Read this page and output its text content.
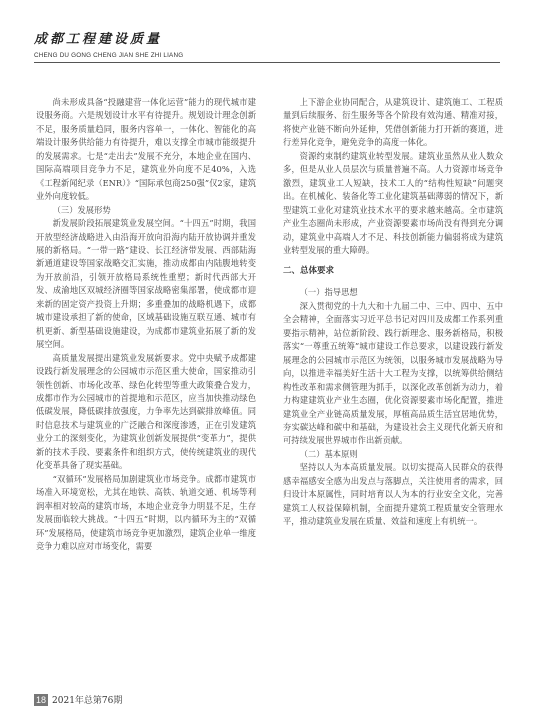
成都工程建设质量
CHENG DU GONG CHENG JIAN SHE ZHI LIANG

尚未形成具备“投融建营一体化运营”能力的现代城市建设服务商。六是规划设计水平有待提升。规划设计理念创新不足，服务质量趋同，服务内容单一，一体化、智能化的高端设计服务供给能力有待提升，难以支撑全市城市能级提升的发展需求。七是“走出去”发展不充分，本地企业在国内、国际高端项目竞争力不足，建筑业外向度不足40%，入选《工程新闻纪录（ENR）》“国际承包商250强”仅2家，建筑业外向度较低。

（三）发展形势

新发展阶段拓展建筑业发展空间。“十四五”时期，我国开放型经济战略进入由沿海开放向沿海内陆开放协调并重发展的新格局。“一带一路”建设、长江经济带发展、西部陆海新通道建设等国家战略交汇实施，推动成都由内陆腹地转变为开放前沿，引领开放格局系统性重塑；新时代西部大开发、成渝地区双城经济圈等国家战略密集部署，使成都市迎来新的固定资产投资上升期；多重叠加的战略机遇下，成都城市建设承担了新的使命，区域基础设施互联互通、城市有机更新、新型基础设施建设，为成都市建筑业拓展了新的发展空间。

高质量发展提出建筑业发展新要求。党中央赋予成都建设践行新发展理念的公园城市示范区重大使命，国家推动引领性创新、市场化改革、绿色化转型等重大政策叠合发力，成都市作为公园城市的首提地和示范区，应当加快推动绿色低碳发展，降低碳排放强度，力争率先达到碳排放峰值。同时信息技术与建筑业的广泛融合和深度渗透，正在引发建筑业分工的深刻变化，为建筑业创新发展提供“变革力”，提供新的技术手段、要素条件和组织方式，使传统建筑业的现代化变革具备了现实基础。

“双循环”发展格局加剧建筑业市场竞争。成都市建筑市场准入环境宽松，尤其在地铁、高铁、轨道交通、机场等利润率相对较高的建筑市场，本地企业竞争力明显不足，生存发展面临较大挑战。“十四五”时期，以内循环为主的“双循环”发展格局，使建筑市场竞争更加激烈，建筑企业单一维度竞争力难以应对市场变化，需要

上下游企业协同配合，从建筑设计、建筑施工、工程质量到后续服务、衍生服务等各个阶段有效沟通、精准对接，将使产业链不断向外延伸，凭借创新能力打开新的赛道，进行差异化竞争，避免竞争的高度一体化。

资源约束制约建筑业转型发展。建筑业虽然从业人数众多，但是从业人员层次与质量普遍不高。人力资源市场竞争激烈，建筑业工人短缺，技术工人的“结构性短缺”问题突出。在机械化、装备化等工业化建筑基础薄弱的情况下，新型建筑工业化对建筑业技术水平的要求越来越高。全市建筑产业生态圈尚未形成，产业资源要素市场尚没有得到充分调动，建筑业中高端人才不足、科技创新能力偏弱将成为建筑业转型发展的重大障碍。

二、总体要求
（一）指导思想

深入贯彻党的十九大和十九届二中、三中、四中、五中全会精神，全面落实习近平总书记对四川及成都工作系列重要指示精神，站位新阶段、践行新理念、服务新格局，积极落实“一尊重五统筹”城市建设工作总要求，以建设践行新发展理念的公园城市示范区为统领，以服务城市发展战略为导向，以推进幸福美好生活十大工程为支撑，以统筹供给侧结构性改革和需求侧管理为抓手，以深化改革创新为动力，着力构建建筑业产业生态圈，优化资源要素市场化配置，推进建筑业全产业链高质量发展，厚植高品质生活宜居地优势，夯实碳达峰和碳中和基础，为建设社会主义现代化新天府和可持续发展世界城市作出新贡献。

（二）基本原则

坚持以人为本高质量发展。以切实提高人民群众的获得感幸福感安全感为出发点与落脚点，关注使用者的需求，回归设计本原属性，同时培育以人为本的行业安全文化，完善建筑工人权益保障机制，全面提升建筑工程质量安全管理水平，推动建筑业发展在质量、效益和速度上有机统一。

18 2021年总第76期
